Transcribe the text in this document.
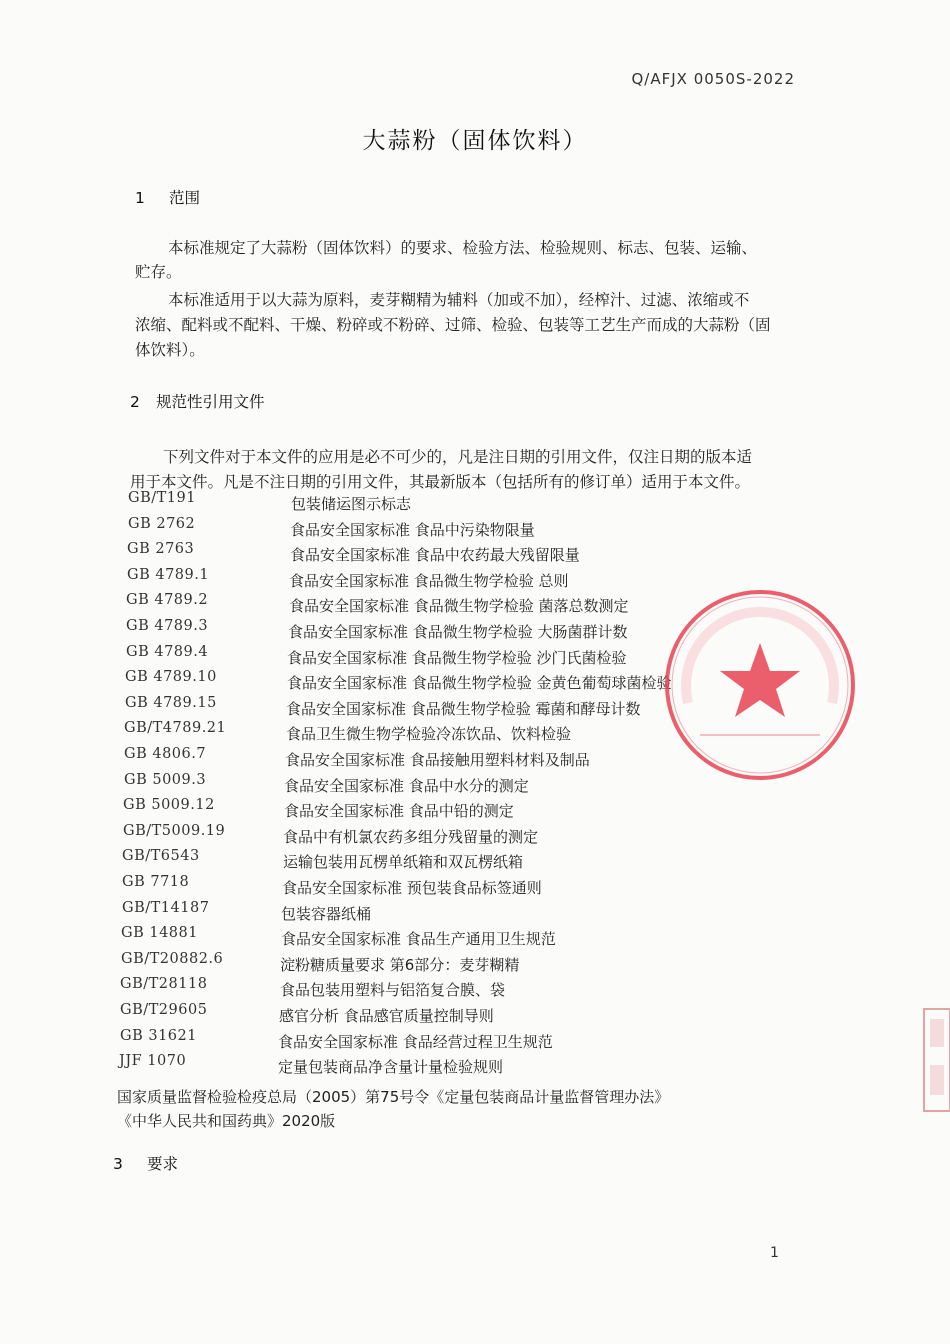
Q/AFJX 0050S-2022
大蒜粉（固体饮料）
1 范围
本标准规定了大蒜粉（固体饮料）的要求、检验方法、检验规则、标志、包装、运输、
贮存。
本标准适用于以大蒜为原料，麦芽糊精为辅料（加或不加），经榨汁、过滤、浓缩或不
浓缩、配料或不配料、干燥、粉碎或不粉碎、过筛、检验、包装等工艺生产而成的大蒜粉（固
体饮料）。
2 规范性引用文件
下列文件对于本文件的应用是必不可少的，凡是注日期的引用文件，仅注日期的版本适
用于本文件。凡是不注日期的引用文件，其最新版本（包括所有的修订单）适用于本文件。
GB/T191	包装储运图示标志
GB 2762	食品安全国家标准 食品中污染物限量
GB 2763	食品安全国家标准 食品中农药最大残留限量
GB 4789.1	食品安全国家标准 食品微生物学检验 总则
GB 4789.2	食品安全国家标准 食品微生物学检验 菌落总数测定
GB 4789.3	食品安全国家标准 食品微生物学检验 大肠菌群计数
GB 4789.4	食品安全国家标准 食品微生物学检验 沙门氏菌检验
GB 4789.10	食品安全国家标准 食品微生物学检验 金黄色葡萄球菌检验
GB 4789.15	食品安全国家标准 食品微生物学检验 霉菌和酵母计数
GB/T4789.21	食品卫生微生物学检验冷冻饮品、饮料检验
GB 4806.7	食品安全国家标准 食品接触用塑料材料及制品
GB 5009.3	食品安全国家标准 食品中水分的测定
GB 5009.12	食品安全国家标准 食品中铅的测定
GB/T5009.19	食品中有机氯农药多组分残留量的测定
GB/T6543	运输包装用瓦楞单纸箱和双瓦楞纸箱
GB 7718	食品安全国家标准 预包装食品标签通则
GB/T14187	包装容器纸桶
GB 14881	食品安全国家标准 食品生产通用卫生规范
GB/T20882.6	淀粉糖质量要求 第6部分：麦芽糊精
GB/T28118	食品包装用塑料与铝箔复合膜、袋
GB/T29605	感官分析 食品感官质量控制导则
GB 31621	食品安全国家标准 食品经营过程卫生规范
JJF 1070	定量包装商品净含量计量检验规则
国家质量监督检验检疫总局（2005）第75号令《定量包装商品计量监督管理办法》
《中华人民共和国药典》2020版
3 要求
1
